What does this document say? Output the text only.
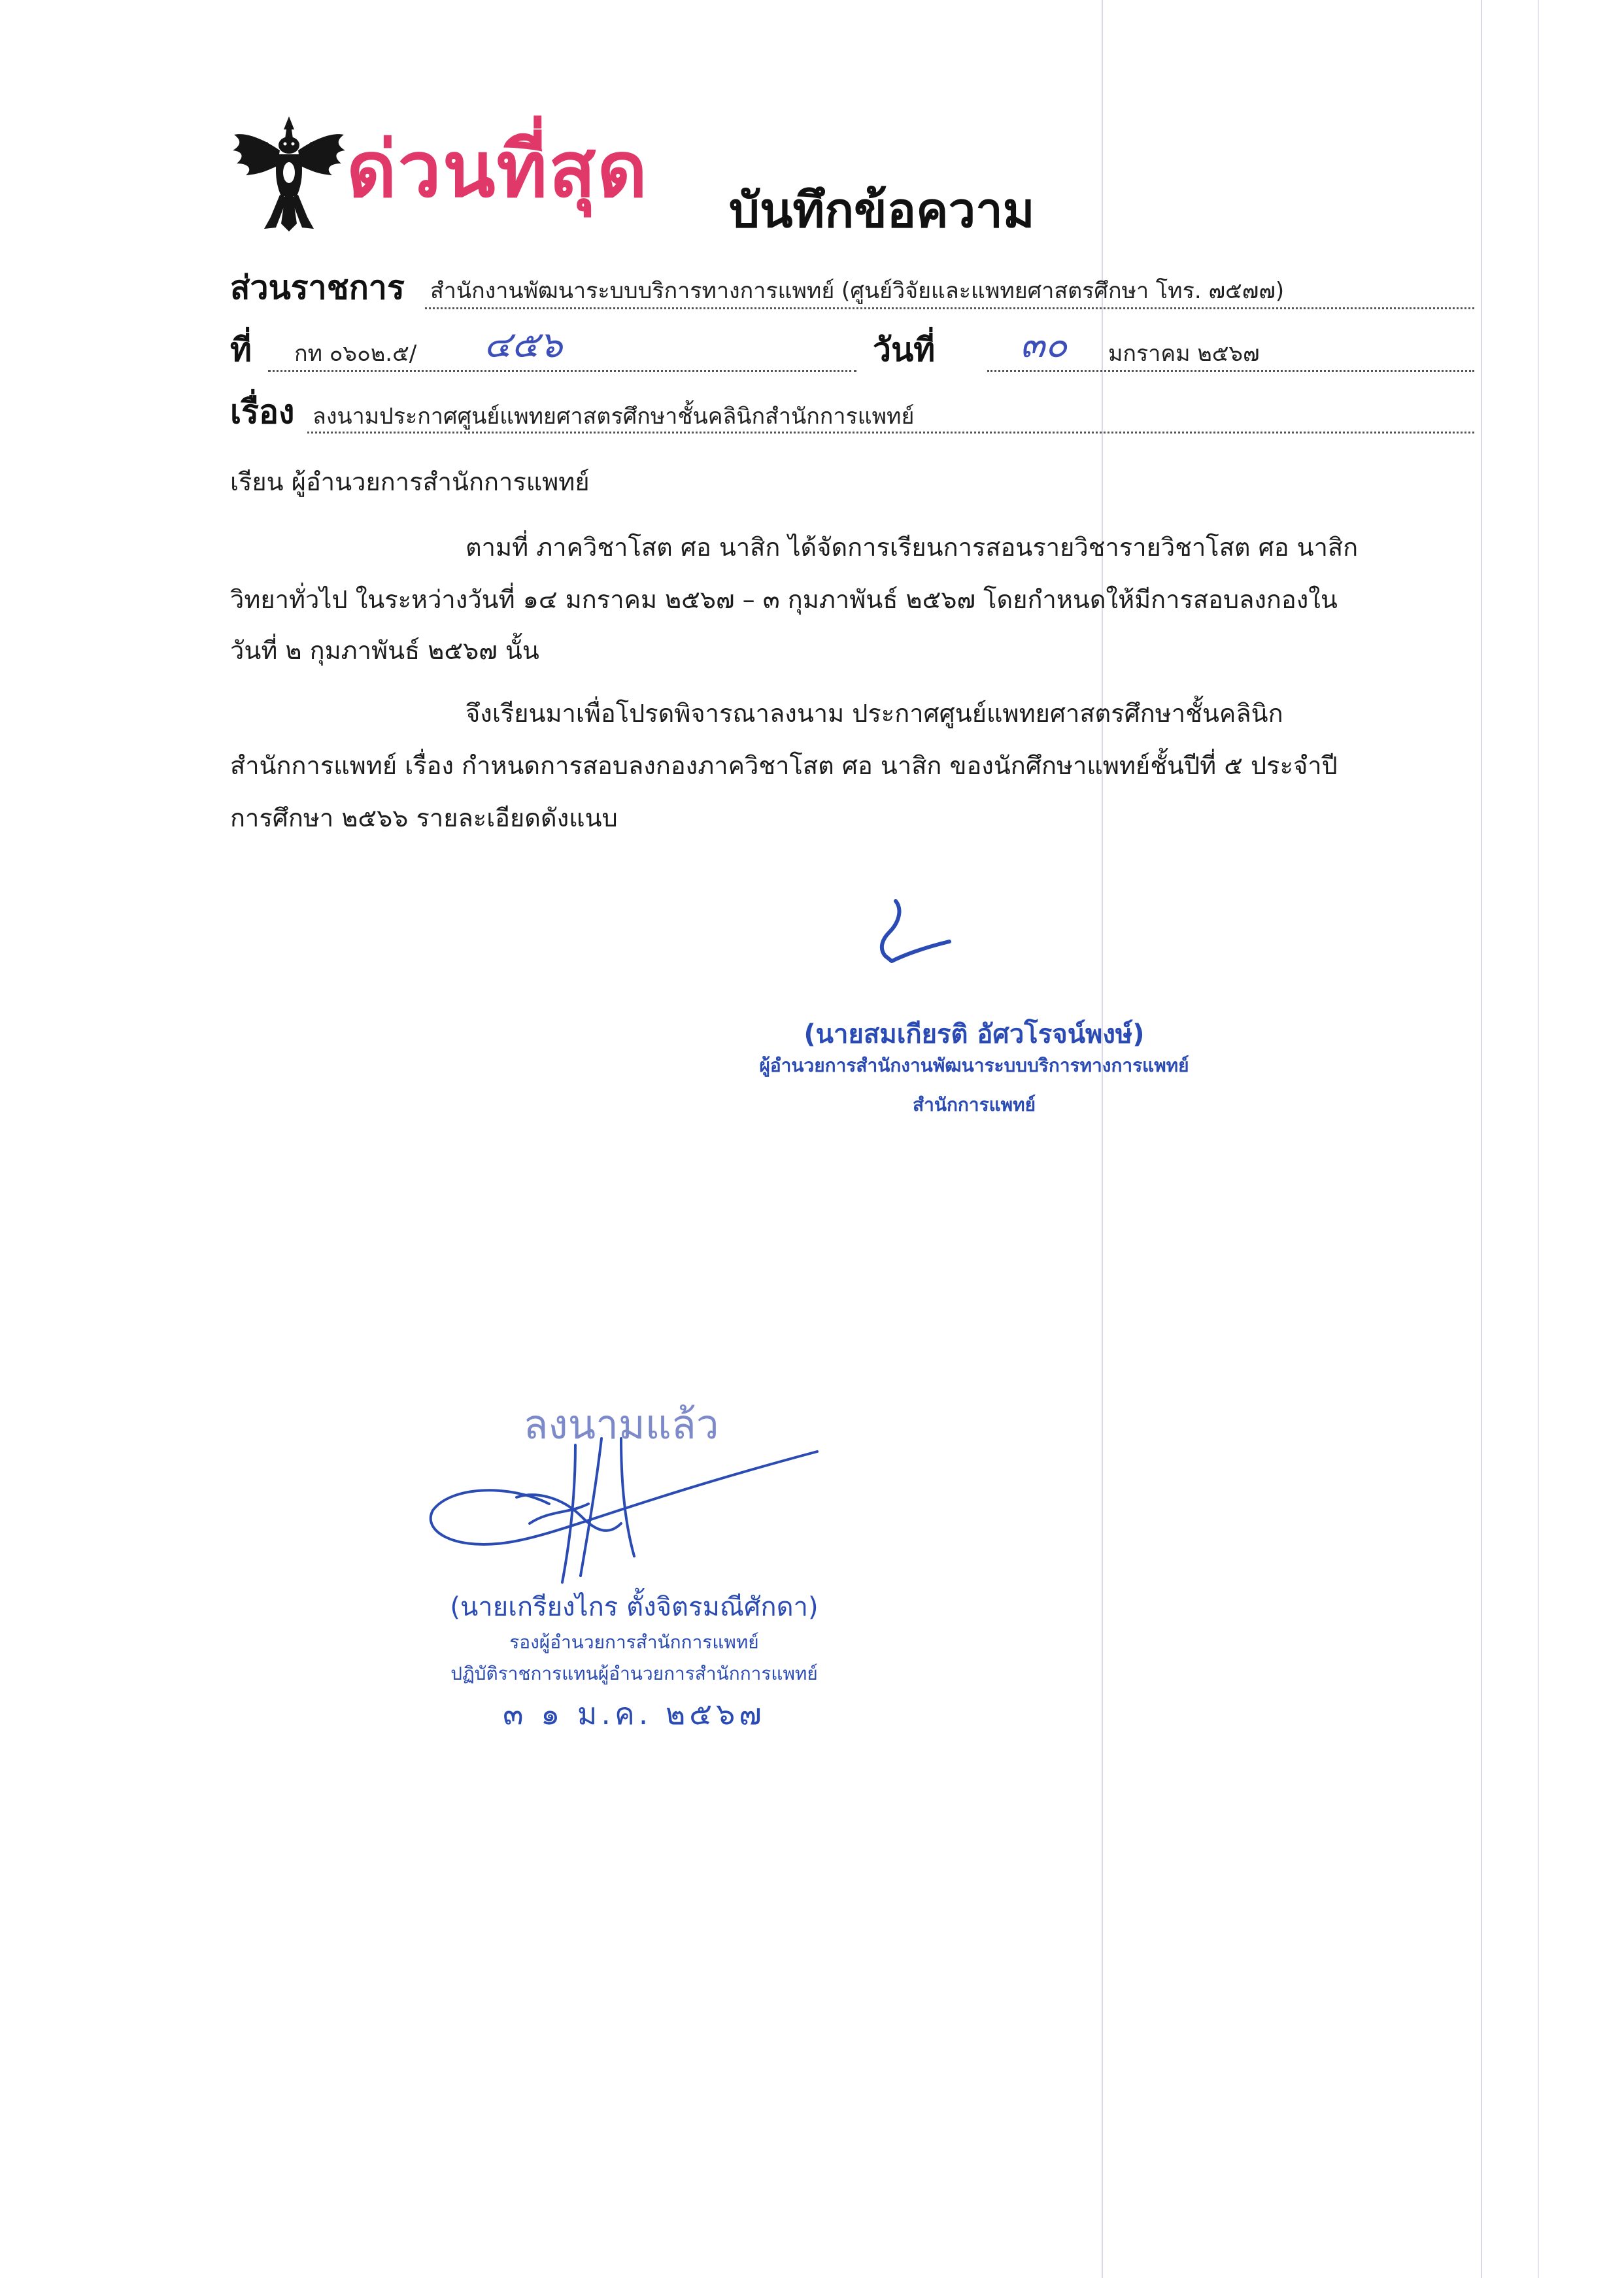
ด่วนที่สุด บันทึกข้อความ
ส่วนราชการ สำนักงานพัฒนาระบบบริการทางการแพทย์ (ศูนย์วิจัยและแพทยศาสตรศึกษา โทร. ๗๕๗๗)
ที่ กท ๐๖๐๒.๕/ ๔๕๖	วันที่ ๓๐ มกราคม ๒๕๖๗
เรื่อง ลงนามประกาศศูนย์แพทยศาสตรศึกษาชั้นคลินิกสำนักการแพทย์
เรียน ผู้อำนวยการสำนักการแพทย์
ตามที่ ภาควิชาโสต ศอ นาสิก ได้จัดการเรียนการสอนรายวิชารายวิชาโสต ศอ นาสิก
วิทยาทั่วไป ในระหว่างวันที่ ๑๔ มกราคม ๒๕๖๗ – ๓ กุมภาพันธ์ ๒๕๖๗ โดยกำหนดให้มีการสอบลงกองใน
วันที่ ๒ กุมภาพันธ์ ๒๕๖๗ นั้น
จึงเรียนมาเพื่อโปรดพิจารณาลงนาม ประกาศศูนย์แพทยศาสตรศึกษาชั้นคลินิก
สำนักการแพทย์ เรื่อง กำหนดการสอบลงกองภาควิชาโสต ศอ นาสิก ของนักศึกษาแพทย์ชั้นปีที่ ๕ ประจำปี
การศึกษา ๒๕๖๖ รายละเอียดดังแนบ
(นายสมเกียรติ อัศวโรจน์พงษ์)
ผู้อำนวยการสำนักงานพัฒนาระบบบริการทางการแพทย์
สำนักการแพทย์
ลงนามแล้ว
(นายเกรียงไกร ตั้งจิตรมณีศักดา)
รองผู้อำนวยการสำนักการแพทย์
ปฏิบัติราชการแทนผู้อำนวยการสำนักการแพทย์
๓ ๑ ม.ค. ๒๕๖๗
